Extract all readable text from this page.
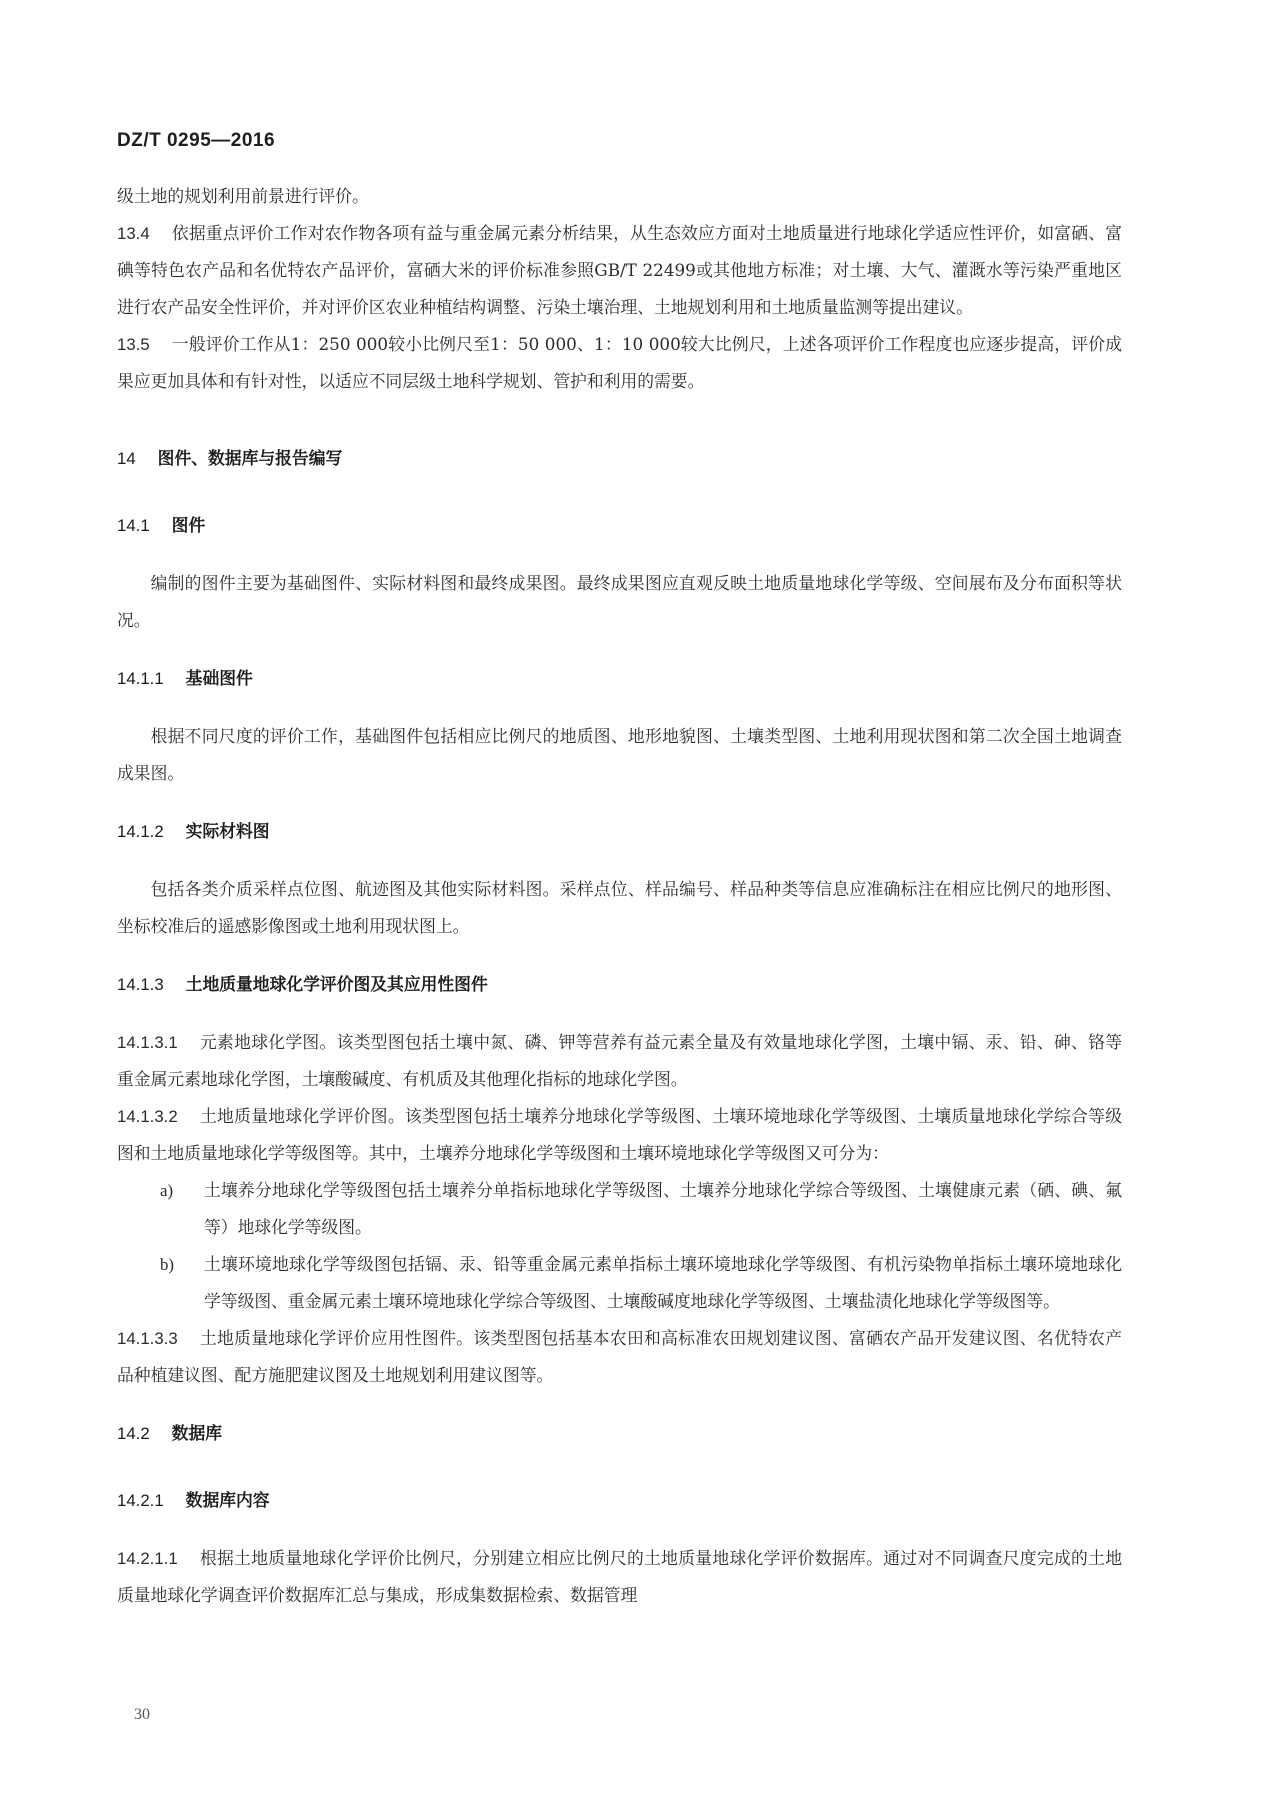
DZ/T 0295—2016

级土地的规划利用前景进行评价。

13.4 依据重点评价工作对农作物各项有益与重金属元素分析结果，从生态效应方面对土地质量进行地球化学适应性评价，如富硒、富碘等特色农产品和名优特农产品评价，富硒大米的评价标准参照GB/T 22499或其他地方标准；对土壤、大气、灌溉水等污染严重地区进行农产品安全性评价，并对评价区农业种植结构调整、污染土壤治理、土地规划利用和土地质量监测等提出建议。

13.5 一般评价工作从1：250 000较小比例尺至1：50 000、1：10 000较大比例尺，上述各项评价工作程度也应逐步提高，评价成果应更加具体和有针对性，以适应不同层级土地科学规划、管护和利用的需要。

14 图件、数据库与报告编写

14.1 图件

编制的图件主要为基础图件、实际材料图和最终成果图。最终成果图应直观反映土地质量地球化学等级、空间展布及分布面积等状况。

14.1.1 基础图件

根据不同尺度的评价工作，基础图件包括相应比例尺的地质图、地形地貌图、土壤类型图、土地利用现状图和第二次全国土地调查成果图。

14.1.2 实际材料图

包括各类介质采样点位图、航迹图及其他实际材料图。采样点位、样品编号、样品种类等信息应准确标注在相应比例尺的地形图、坐标校准后的遥感影像图或土地利用现状图上。

14.1.3 土地质量地球化学评价图及其应用性图件

14.1.3.1 元素地球化学图。该类型图包括土壤中氮、磷、钾等营养有益元素全量及有效量地球化学图，土壤中镉、汞、铅、砷、铬等重金属元素地球化学图，土壤酸碱度、有机质及其他理化指标的地球化学图。

14.1.3.2 土地质量地球化学评价图。该类型图包括土壤养分地球化学等级图、土壤环境地球化学等级图、土壤质量地球化学综合等级图和土地质量地球化学等级图等。其中，土壤养分地球化学等级图和土壤环境地球化学等级图又可分为：

a)	土壤养分地球化学等级图包括土壤养分单指标地球化学等级图、土壤养分地球化学综合等级图、土壤健康元素（硒、碘、氟等）地球化学等级图。
b)	土壤环境地球化学等级图包括镉、汞、铅等重金属元素单指标土壤环境地球化学等级图、有机污染物单指标土壤环境地球化学等级图、重金属元素土壤环境地球化学综合等级图、土壤酸碱度地球化学等级图、土壤盐渍化地球化学等级图等。

14.1.3.3 土地质量地球化学评价应用性图件。该类型图包括基本农田和高标准农田规划建议图、富硒农产品开发建议图、名优特农产品种植建议图、配方施肥建议图及土地规划利用建议图等。

14.2 数据库

14.2.1 数据库内容

14.2.1.1 根据土地质量地球化学评价比例尺，分别建立相应比例尺的土地质量地球化学评价数据库。通过对不同调查尺度完成的土地质量地球化学调查评价数据库汇总与集成，形成集数据检索、数据管理

30
